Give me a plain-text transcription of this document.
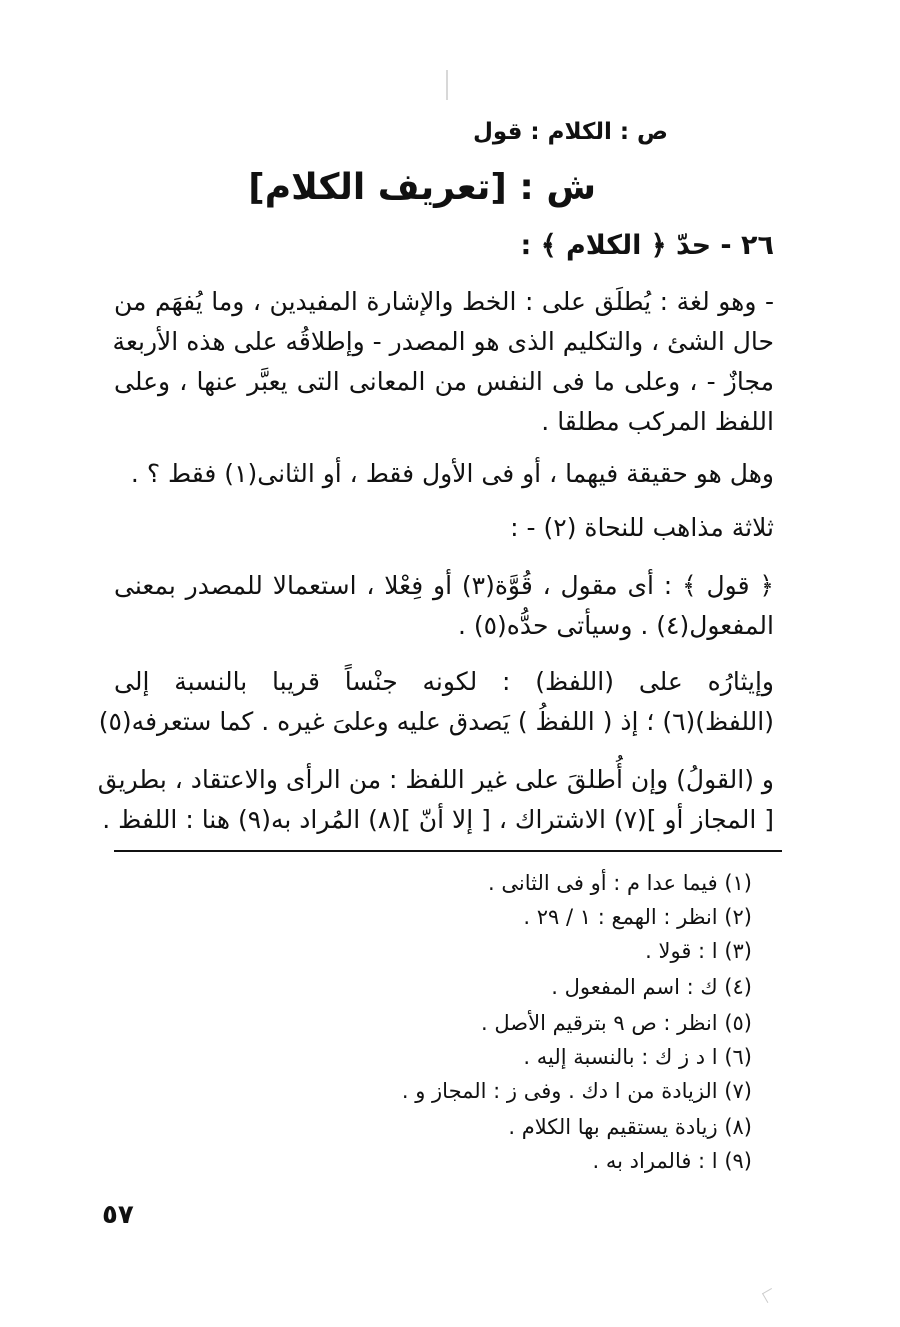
ص : الكلام : قول
ش : [تعريف الكلام]
٢٦ - حدّ ﴿ الكلام ﴾ :
- وهو لغة : يُطلَق على : الخط والإشارة المفيدين ، وما يُفهَم من
حال الشئ ، والتكليم الذى هو المصدر - وإطلاقُه على هذه الأربعة
مجازٌ - ، وعلى ما فى النفس من المعانى التى يعبَّر عنها ، وعلى
اللفظ المركب مطلقا .
وهل هو حقيقة فيهما ، أو فى الأول فقط ، أو الثانى(١) فقط ؟ .
ثلاثة مذاهب للنحاة (٢) - :
﴿ قول ﴾ : أى مقول ، قُوَّة(٣) أو فِعْلا ، استعمالا للمصدر بمعنى
المفعول(٤) . وسيأتى حدُّه(٥) .
وإيثارُه على (اللفظ) : لكونه جنْساً قريبا بالنسبة إلى
(اللفظ)(٦) ؛ إذ ( اللفظُ ) يَصدق عليه وعلىَ غيره . كما ستعرفه(٥)
و (القولُ) وإن أُطلقَ على غير اللفظ : من الرأى والاعتقاد ، بطريق
[ المجاز أو ](٧) الاشتراك ، [ إلا أنّ ](٨) المُراد به(٩) هنا : اللفظ .
(١) فيما عدا م : أو فى الثانى .
(٢) انظر : الهمع : ١ / ٢٩ .
(٣) ا : قولا .
(٤) ك : اسم المفعول .
(٥) انظر : ص ٩ بترقيم الأصل .
(٦) ا د ز ك : بالنسبة إليه .
(٧) الزيادة من ا دك . وفى ز : المجاز و .
(٨) زيادة يستقيم بها الكلام .
(٩) ا : فالمراد به .
٥٧
